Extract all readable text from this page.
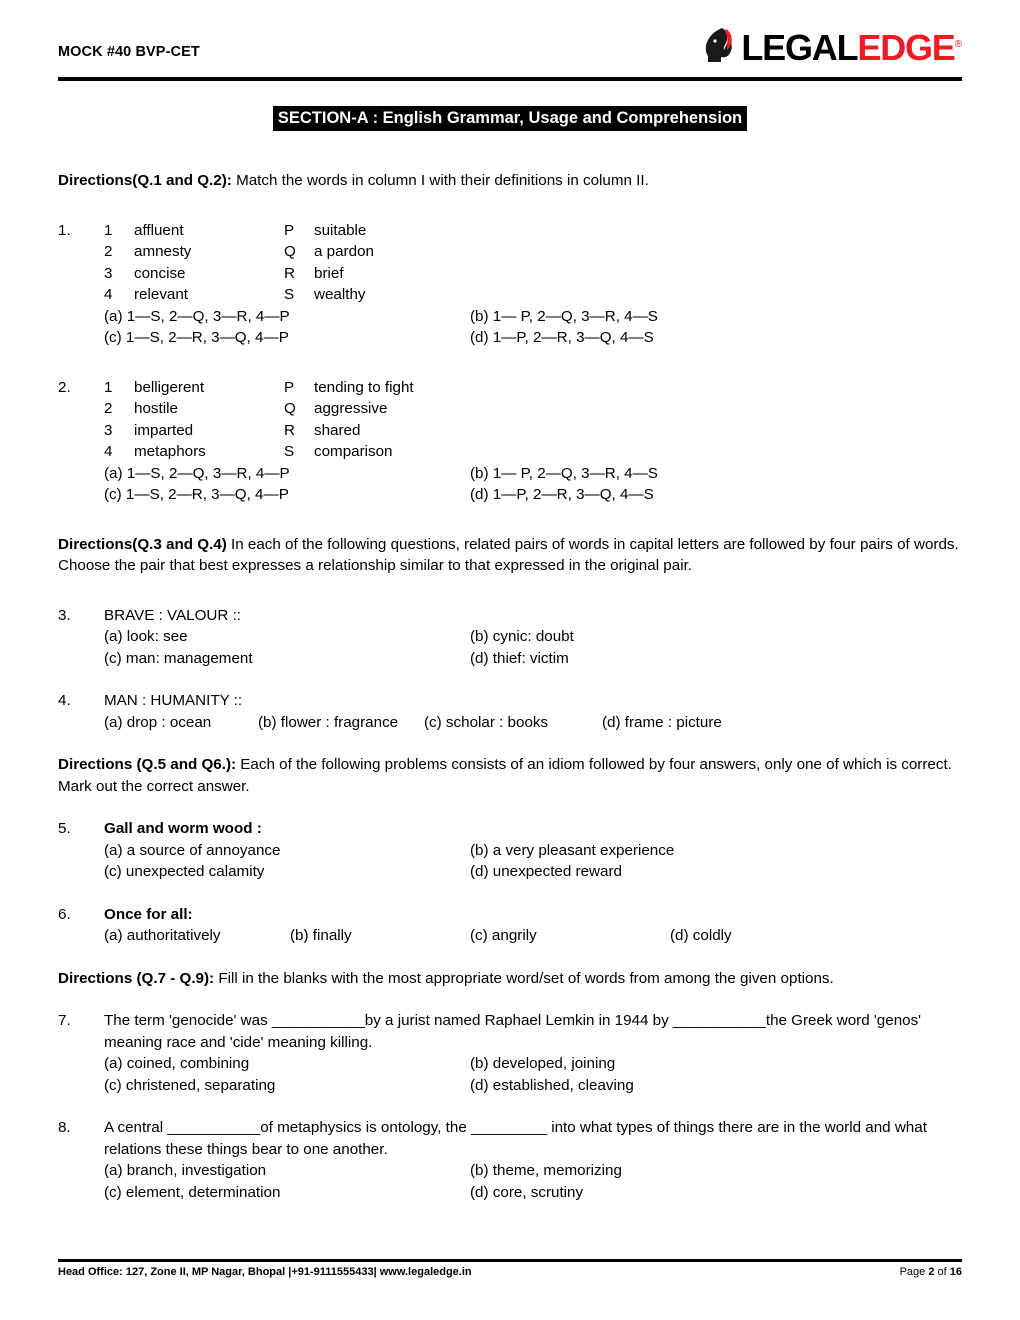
MOCK #40 BVP-CET	LEGALEDGE®
SECTION-A : English Grammar, Usage and Comprehension
Directions(Q.1 and Q.2): Match the words in column I with their definitions in column II.
1.	1	affluent	P	suitable
2	amnesty	Q	a pardon
3	concise	R	brief
4	relevant	S	wealthy
(a) 1—S, 2—Q, 3—R, 4—P	(b) 1— P, 2—Q, 3—R, 4—S
(c) 1—S, 2—R, 3—Q, 4—P	(d) 1—P, 2—R, 3—Q, 4—S
2.	1	belligerent	P	tending to fight
2	hostile	Q	aggressive
3	imparted	R	shared
4	metaphors	S	comparison
(a) 1—S, 2—Q, 3—R, 4—P	(b) 1— P, 2—Q, 3—R, 4—S
(c) 1—S, 2—R, 3—Q, 4—P	(d) 1—P, 2—R, 3—Q, 4—S
Directions(Q.3 and Q.4) In each of the following questions, related pairs of words in capital letters are followed by four pairs of words. Choose the pair that best expresses a relationship similar to that expressed in the original pair.
3.	BRAVE : VALOUR ::
(a) look: see	(b) cynic: doubt
(c) man: management	(d) thief: victim
4.	MAN : HUMANITY ::
(a) drop : ocean	(b) flower : fragrance	(c) scholar : books	(d) frame : picture
Directions (Q.5 and Q6.): Each of the following problems consists of an idiom followed by four answers, only one of which is correct. Mark out the correct answer.
5.	Gall and worm wood :
(a) a source of annoyance	(b) a very pleasant experience
(c) unexpected calamity	(d) unexpected reward
6.	Once for all:
(a) authoritatively	(b) finally	(c) angrily	(d) coldly
Directions (Q.7 - Q.9): Fill in the blanks with the most appropriate word/set of words from among the given options.
7.	The term 'genocide' was ___________by a jurist named Raphael Lemkin in 1944 by ___________the Greek word 'genos' meaning race and 'cide' meaning killing.
(a) coined, combining	(b) developed, joining
(c) christened, separating	(d) established, cleaving
8.	A central ___________of metaphysics is ontology, the _________ into what types of things there are in the world and what relations these things bear to one another.
(a) branch, investigation	(b) theme, memorizing
(c) element, determination	(d) core, scrutiny
Head Office: 127, Zone II, MP Nagar, Bhopal |+91-9111555433| www.legaledge.in	Page 2 of 16
